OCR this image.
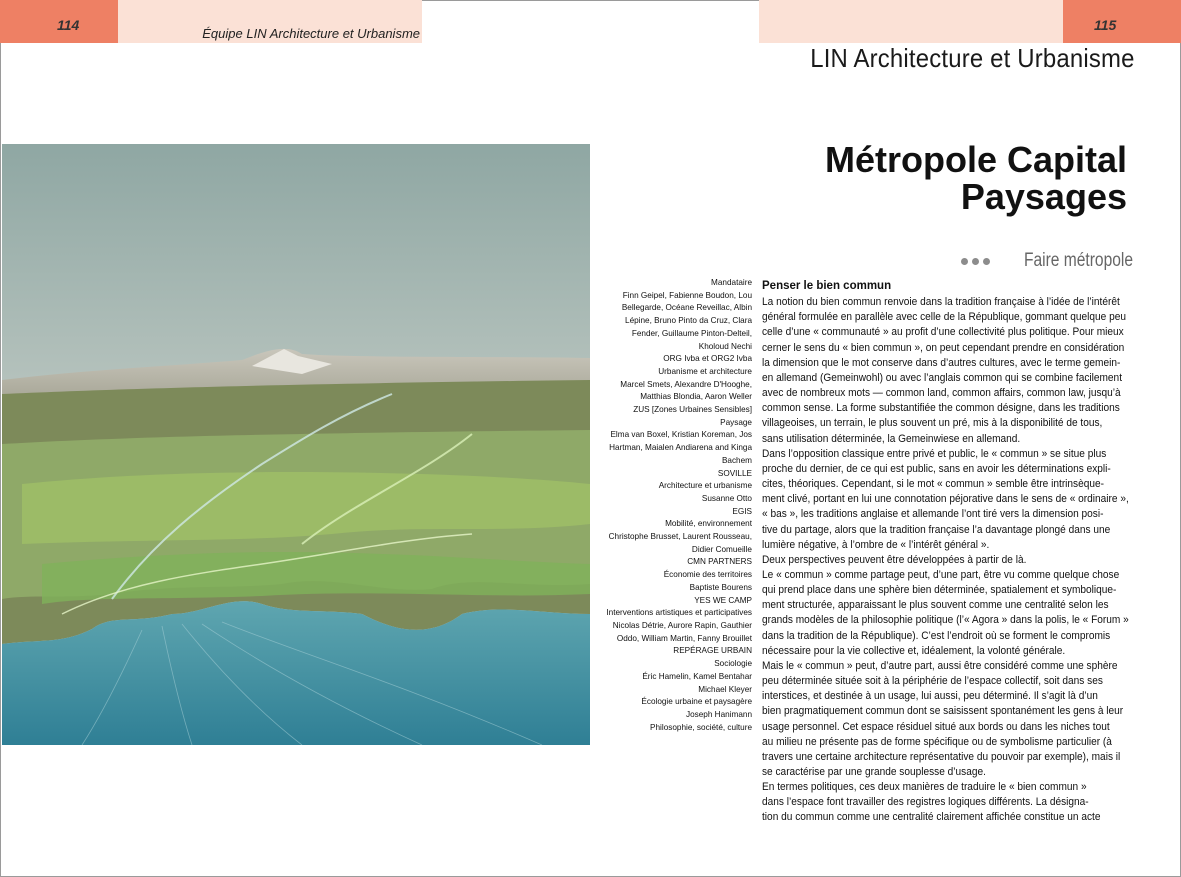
114
Équipe LIN Architecture et Urbanisme
115
LIN Architecture et Urbanisme
Métropole Capital
Paysages
Faire métropole
Mandataire
Finn Geipel, Fabienne Boudon, Lou
Bellegarde, Océane Reveillac, Albin
Lépine, Bruno Pinto da Cruz, Clara
Fender, Guillaume Pinton-Delteil,
Kholoud Nechi
ORG Ivba et ORG2 Ivba
Urbanisme et architecture
Marcel Smets, Alexandre D'Hooghe,
Matthias Blondia, Aaron Weller
ZUS [Zones Urbaines Sensibles]
Paysage
Elma van Boxel, Kristian Koreman, Jos
Hartman, Maialen Andiarena and Kinga
Bachem
SOVILLE
Architecture et urbanisme
Susanne Otto
EGIS
Mobilité, environnement
Christophe Brusset, Laurent Rousseau,
Didier Comueille
CMN PARTNERS
Économie des territoires
Baptiste Bourens
YES WE CAMP
Interventions artistiques et participatives
Nicolas Détrie, Aurore Rapin, Gauthier
Oddo, William Martin, Fanny Brouillet
REPÉRAGE URBAIN
Sociologie
Éric Hamelin, Kamel Bentahar
Michael Kleyer
Écologie urbaine et paysagère
Joseph Hanimann
Philosophie, société, culture
Penser le bien commun
La notion du bien commun renvoie dans la tradition française à l’idée de l’intérêt
général formulée en parallèle avec celle de la République, gommant quelque peu
celle d’une « communauté » au profit d’une collectivité plus politique. Pour mieux
cerner le sens du « bien commun », on peut cependant prendre en considération
la dimension que le mot conserve dans d’autres cultures, avec le terme gemein-
en allemand (Gemeinwohl) ou avec l’anglais common qui se combine facilement
avec de nombreux mots — common land, common affairs, common law, jusqu’à
common sense. La forme substantifiée the common désigne, dans les traditions
villageoises, un terrain, le plus souvent un pré, mis à la disponibilité de tous,
sans utilisation déterminée, la Gemeinwiese en allemand.
Dans l’opposition classique entre privé et public, le « commun » se situe plus
proche du dernier, de ce qui est public, sans en avoir les déterminations expli-
cites, théoriques. Cependant, si le mot « commun » semble être intrinsèque-
ment clivé, portant en lui une connotation péjorative dans le sens de « ordinaire »,
« bas », les traditions anglaise et allemande l’ont tiré vers la dimension posi-
tive du partage, alors que la tradition française l’a davantage plongé dans une
lumière négative, à l’ombre de « l’intérêt général ».
Deux perspectives peuvent être développées à partir de là.
Le « commun » comme partage peut, d’une part, être vu comme quelque chose
qui prend place dans une sphère bien déterminée, spatialement et symbolique-
ment structurée, apparaissant le plus souvent comme une centralité selon les
grands modèles de la philosophie politique (l’« Agora » dans la polis, le « Forum »
dans la tradition de la République). C’est l’endroit où se forment le compromis
nécessaire pour la vie collective et, idéalement, la volonté générale.
Mais le « commun » peut, d’autre part, aussi être considéré comme une sphère
peu déterminée située soit à la périphérie de l’espace collectif, soit dans ses
interstices, et destinée à un usage, lui aussi, peu déterminé. Il s’agit là d’un
bien pragmatiquement commun dont se saisissent spontanément les gens à leur
usage personnel. Cet espace résiduel situé aux bords ou dans les niches tout
au milieu ne présente pas de forme spécifique ou de symbolisme particulier (à
travers une certaine architecture représentative du pouvoir par exemple), mais il
se caractérise par une grande souplesse d’usage.
En termes politiques, ces deux manières de traduire le « bien commun »
dans l’espace font travailler des registres logiques différents. La désigna-
tion du commun comme une centralité clairement affichée constitue un acte
